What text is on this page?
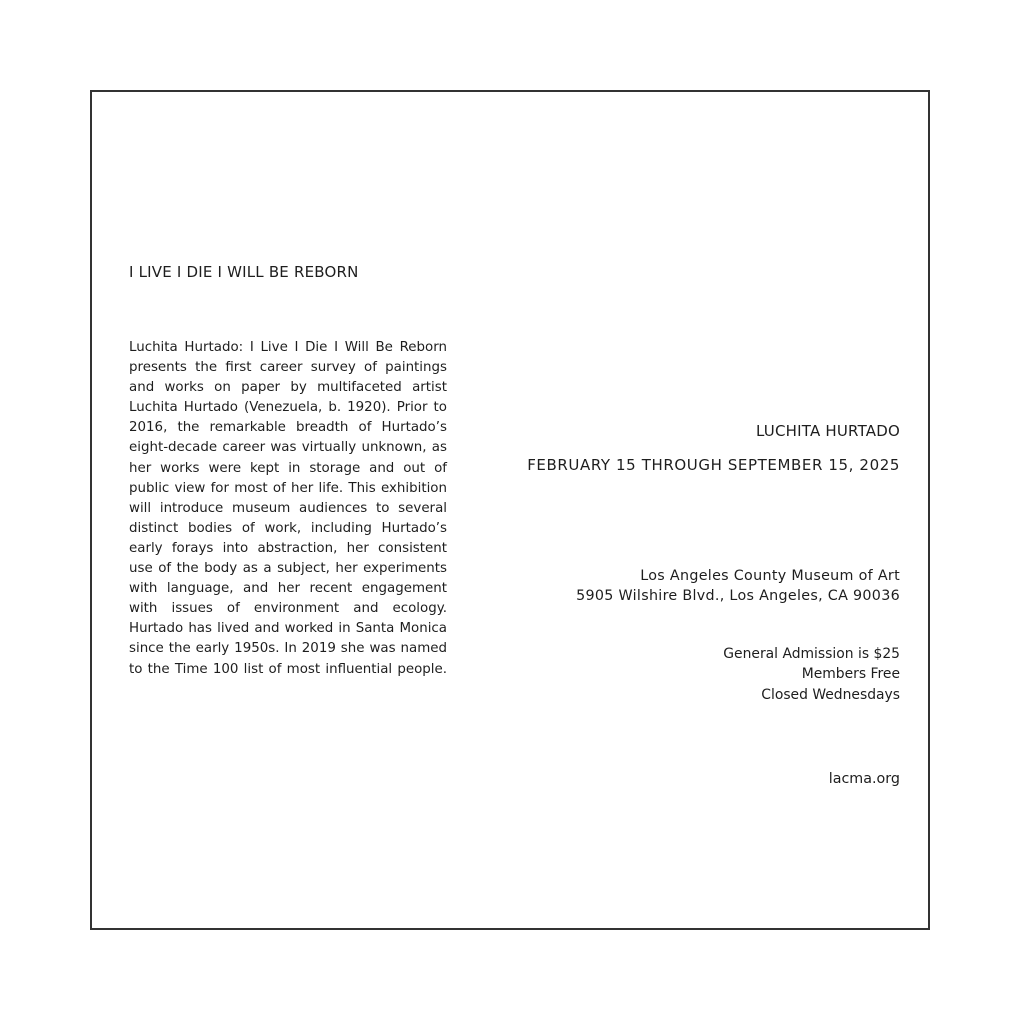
I LIVE I DIE I WILL BE REBORN

Luchita Hurtado: I Live I Die I Will Be Reborn presents the first career survey of paintings and works on paper by multifaceted artist Luchita Hurtado (Venezuela, b. 1920). Prior to 2016, the remarkable breadth of Hurtado’s eight-decade career was virtually unknown, as her works were kept in storage and out of public view for most of her life. This exhibition will introduce museum audiences to several distinct bodies of work, including Hurtado’s early forays into abstraction, her consistent use of the body as a subject, her experiments with language, and her recent engagement with issues of environment and ecology. Hurtado has lived and worked in Santa Monica since the early 1950s. In 2019 she was named to the Time 100 list of most influential people.

LUCHITA HURTADO
FEBRUARY 15 THROUGH SEPTEMBER 15, 2025
Los Angeles County Museum of Art
5905 Wilshire Blvd., Los Angeles, CA 90036
General Admission is $25
Members Free
Closed Wednesdays
lacma.org
